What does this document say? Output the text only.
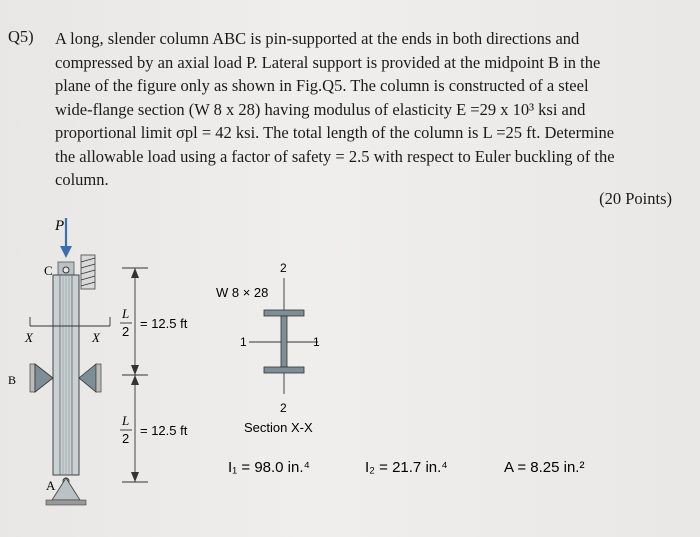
Q5) A long, slender column ABC is pin-supported at the ends in both directions and
compressed by an axial load P. Lateral support is provided at the midpoint B in the
plane of the figure only as shown in Fig.Q5. The column is constructed of a steel
wide-flange section (W 8 x 28) having modulus of elasticity E =29 x 10³ ksi and
proportional limit σpl = 42 ksi. The total length of the column is L =25 ft. Determine
the allowable load using a factor of safety = 2.5 with respect to Euler buckling of the
column.
(20 Points)
P
C
X	X
B
A
L
2
= 12.5 ft
L
2
= 12.5 ft
W 8 × 28
2
2
1	1
Section X-X
I₁ = 98.0 in.⁴	I₂ = 21.7 in.⁴	A = 8.25 in.²
